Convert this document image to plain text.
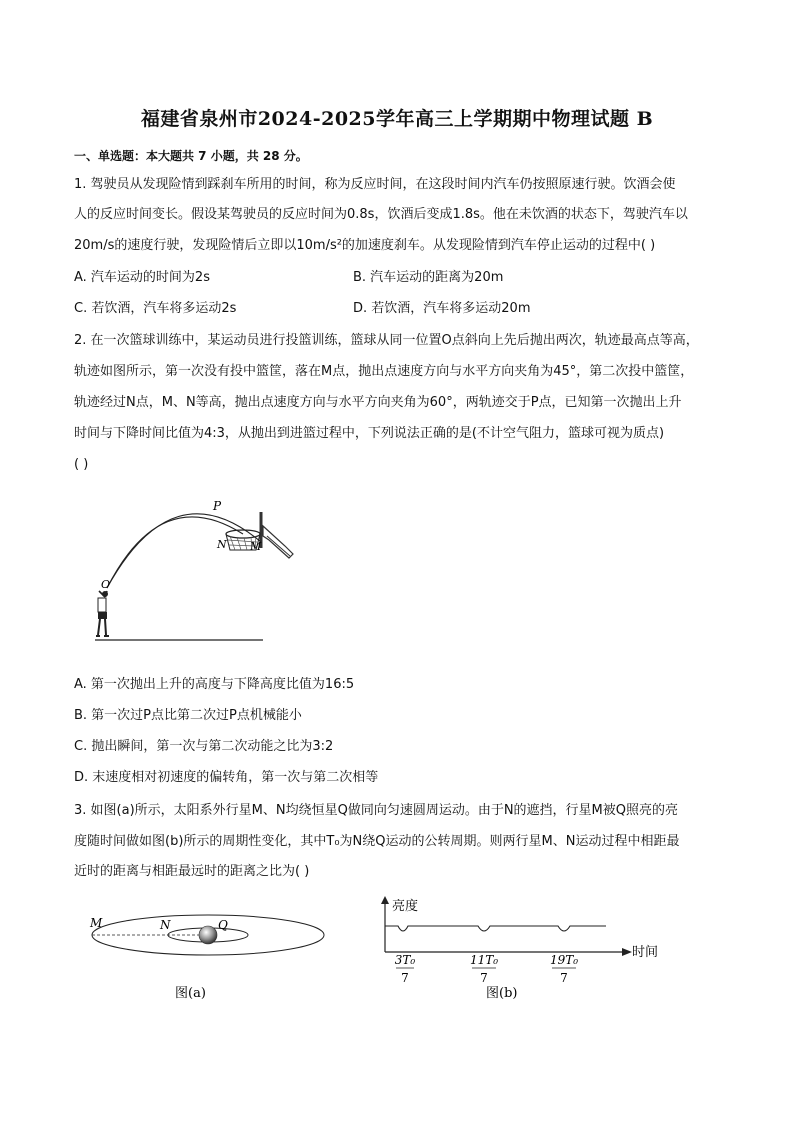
福建省泉州市2024-2025学年高三上学期期中物理试题 B
一、单选题：本大题共 7 小题，共 28 分。
1. 驾驶员从发现险情到踩刹车所用的时间，称为反应时间，在这段时间内汽车仍按照原速行驶。饮酒会使
人的反应时间变长。假设某驾驶员的反应时间为0.8s，饮酒后变成1.8s。他在未饮酒的状态下，驾驶汽车以
20m/s的速度行驶，发现险情后立即以10m/s²的加速度刹车。从发现险情到汽车停止运动的过程中( )
A. 汽车运动的时间为2s	B. 汽车运动的距离为20m
C. 若饮酒，汽车将多运动2s	D. 若饮酒，汽车将多运动20m
2. 在一次篮球训练中，某运动员进行投篮训练，篮球从同一位置O点斜向上先后抛出两次，轨迹最高点等高，
轨迹如图所示，第一次没有投中篮筐，落在M点，抛出点速度方向与水平方向夹角为45°，第二次投中篮筐，
轨迹经过N点，M、N等高，抛出点速度方向与水平方向夹角为60°，两轨迹交于P点，已知第一次抛出上升
时间与下降时间比值为4:3，从抛出到进篮过程中，下列说法正确的是(不计空气阻力，篮球可视为质点)
( )
P
N M
O
A. 第一次抛出上升的高度与下降高度比值为16:5
B. 第一次过P点比第二次过P点机械能小
C. 抛出瞬间，第一次与第二次动能之比为3:2
D. 末速度相对初速度的偏转角，第一次与第二次相等
3. 如图(a)所示，太阳系外行星M、N均绕恒星Q做同向匀速圆周运动。由于N的遮挡，行星M被Q照亮的亮
度随时间做如图(b)所示的周期性变化，其中T₀为N绕Q运动的公转周期。则两行星M、N运动过程中相距最
近时的距离与相距最远时的距离之比为( )
M	N	Q
图(a)
亮度
时间
3T₀
7
11T₀
7
19T₀
7
图(b)
